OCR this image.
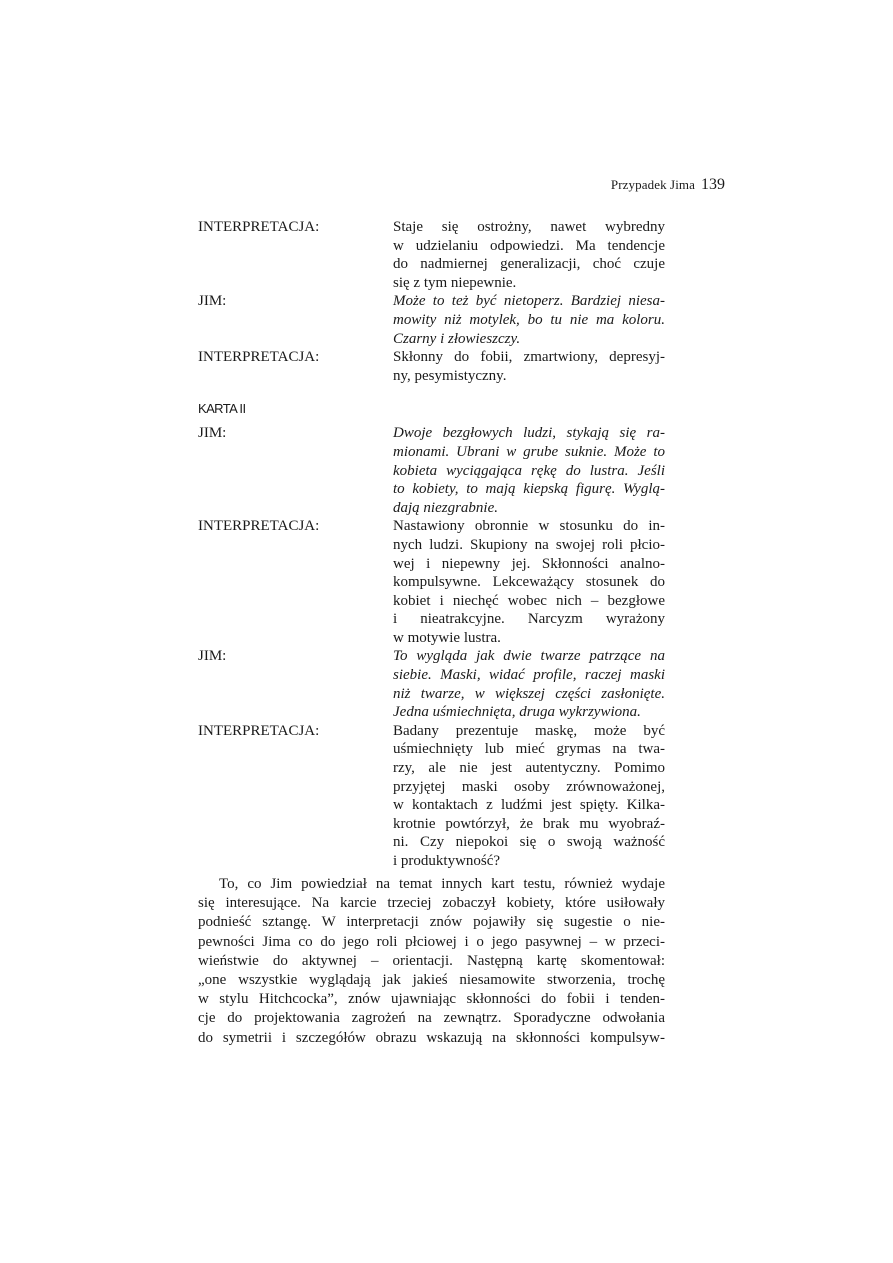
Przypadek Jima 139
INTERPRETACJA:	Staje się ostrożny, nawet wybredny
w udzielaniu odpowiedzi. Ma tendencje
do nadmiernej generalizacji, choć czuje
się z tym niepewnie.
JIM:	Może to też być nietoperz. Bardziej niesa-
mowity niż motylek, bo tu nie ma koloru.
Czarny i złowieszczy.
INTERPRETACJA:	Skłonny do fobii, zmartwiony, depresyj-
ny, pesymistyczny.
KARTA II
JIM:	Dwoje bezgłowych ludzi, stykają się ra-
mionami. Ubrani w grube suknie. Może to
kobieta wyciągająca rękę do lustra. Jeśli
to kobiety, to mają kiepską figurę. Wyglą-
dają niezgrabnie.
INTERPRETACJA:	Nastawiony obronnie w stosunku do in-
nych ludzi. Skupiony na swojej roli płcio-
wej i niepewny jej. Skłonności analno-
kompulsywne. Lekceważący stosunek do
kobiet i niechęć wobec nich – bezgłowe
i nieatrakcyjne. Narcyzm wyrażony
w motywie lustra.
JIM:	To wygląda jak dwie twarze patrzące na
siebie. Maski, widać profile, raczej maski
niż twarze, w większej części zasłonięte.
Jedna uśmiechnięta, druga wykrzywiona.
INTERPRETACJA:	Badany prezentuje maskę, może być
uśmiechnięty lub mieć grymas na twa-
rzy, ale nie jest autentyczny. Pomimo
przyjętej maski osoby zrównoważonej,
w kontaktach z ludźmi jest spięty. Kilka-
krotnie powtórzył, że brak mu wyobraź-
ni. Czy niepokoi się o swoją ważność
i produktywność?
To, co Jim powiedział na temat innych kart testu, również wydaje
się interesujące. Na karcie trzeciej zobaczył kobiety, które usiłowały
podnieść sztangę. W interpretacji znów pojawiły się sugestie o nie-
pewności Jima co do jego roli płciowej i o jego pasywnej – w przeci-
wieństwie do aktywnej – orientacji. Następną kartę skomentował:
„one wszystkie wyglądają jak jakieś niesamowite stworzenia, trochę
w stylu Hitchcocka”, znów ujawniając skłonności do fobii i tenden-
cje do projektowania zagrożeń na zewnątrz. Sporadyczne odwołania
do symetrii i szczegółów obrazu wskazują na skłonności kompulsyw-
